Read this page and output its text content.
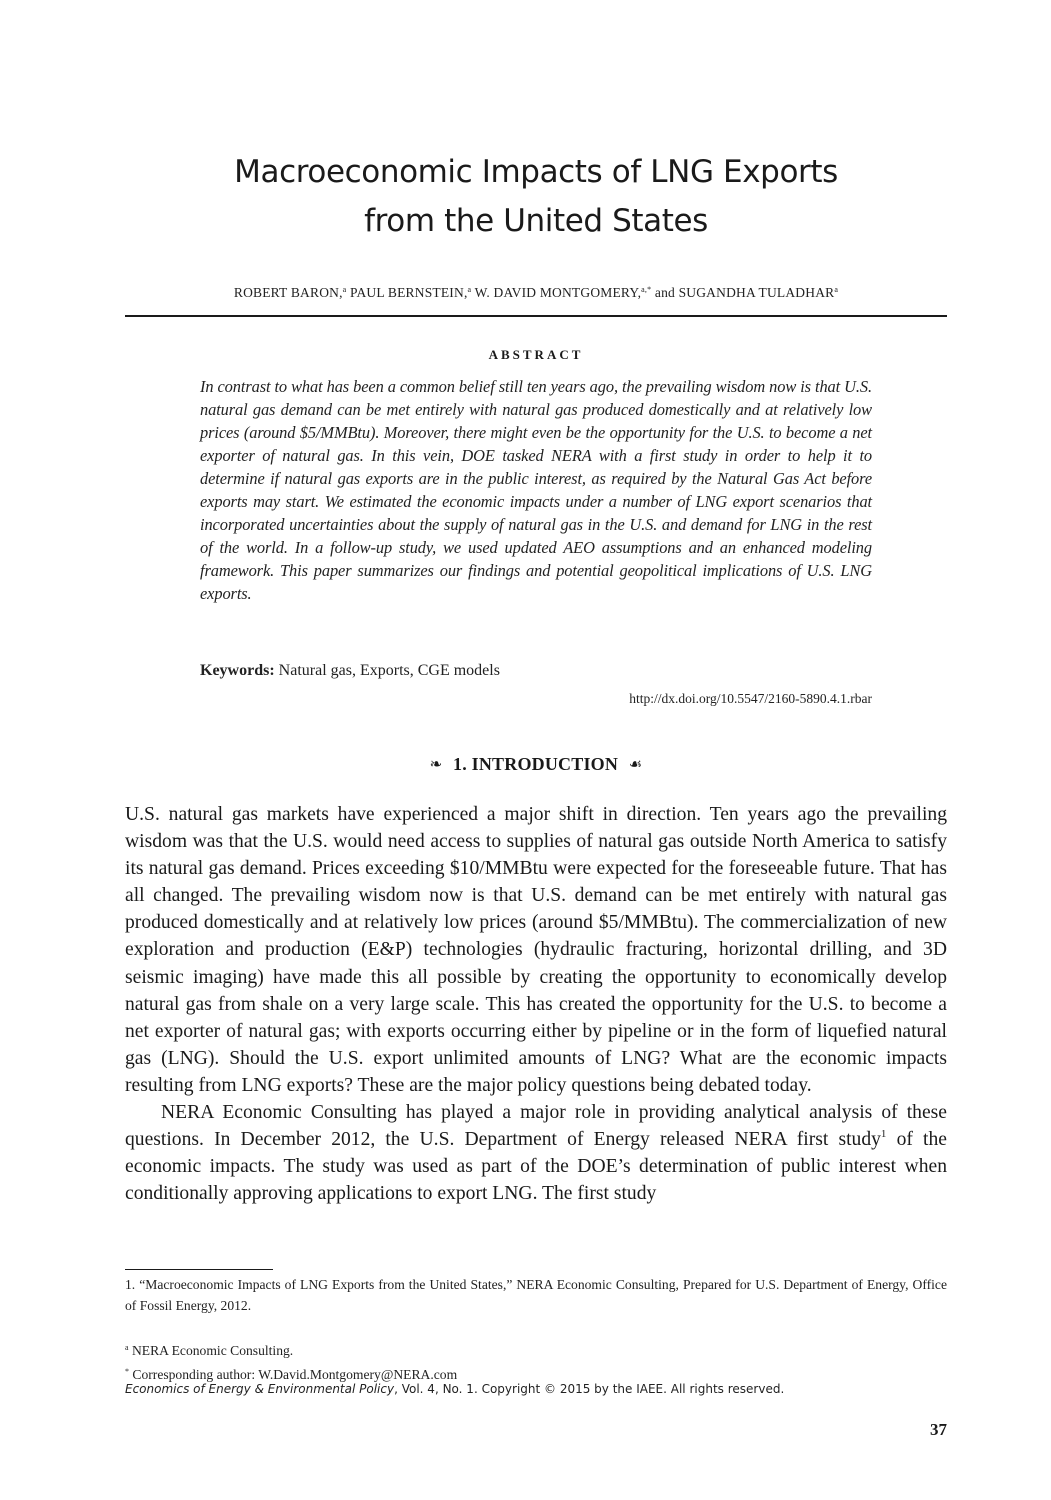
Macroeconomic Impacts of LNG Exports
from the United States
ROBERT BARON,$^a$ PAUL BERNSTEIN,$^a$ W. DAVID MONTGOMERY,$^{a,*}$ and SUGANDHA TULADHAR$^a$
ABSTRACT
In contrast to what has been a common belief still ten years ago, the prevailing wisdom now is that U.S. natural gas demand can be met entirely with natural gas produced domestically and at relatively low prices (around $5/MMBtu). Moreover, there might even be the opportunity for the U.S. to become a net exporter of natural gas. In this vein, DOE tasked NERA with a first study in order to help it to determine if natural gas exports are in the public interest, as required by the Natural Gas Act before exports may start. We estimated the economic impacts under a number of LNG export scenarios that incorporated uncertainties about the supply of natural gas in the U.S. and demand for LNG in the rest of the world. In a follow-up study, we used updated AEO assumptions and an enhanced modeling framework. This paper summarizes our findings and potential geopolitical implications of U.S. LNG exports.
Keywords: Natural gas, Exports, CGE models
http://dx.doi.org/10.5547/2160-5890.4.1.rbar
❧ 1. INTRODUCTION ☙

U.S. natural gas markets have experienced a major shift in direction. Ten years ago the prevailing wisdom was that the U.S. would need access to supplies of natural gas outside North America to satisfy its natural gas demand. Prices exceeding $10/MMBtu were expected for the foreseeable future. That has all changed. The prevailing wisdom now is that U.S. demand can be met entirely with natural gas produced domestically and at relatively low prices (around $5/MMBtu). The commercialization of new exploration and production (E&P) technologies (hydraulic fracturing, horizontal drilling, and 3D seismic imaging) have made this all possible by creating the opportunity to economically develop natural gas from shale on a very large scale. This has created the opportunity for the U.S. to become a net exporter of natural gas; with exports occurring either by pipeline or in the form of liquefied natural gas (LNG). Should the U.S. export unlimited amounts of LNG? What are the economic impacts resulting from LNG exports? These are the major policy questions being debated today.

NERA Economic Consulting has played a major role in providing analytical analysis of these questions. In December 2012, the U.S. Department of Energy released NERA first study$^1$ of the economic impacts. The study was used as part of the DOE’s determination of public interest when conditionally approving applications to export LNG. The first study

1. “Macroeconomic Impacts of LNG Exports from the United States,” NERA Economic Consulting, Prepared for U.S. Department of Energy, Office of Fossil Energy, 2012.
$^a$ NERA Economic Consulting.
* Corresponding author: W.David.Montgomery@NERA.com
Economics of Energy & Environmental Policy, Vol. 4, No. 1. Copyright © 2015 by the IAEE. All rights reserved.
37
